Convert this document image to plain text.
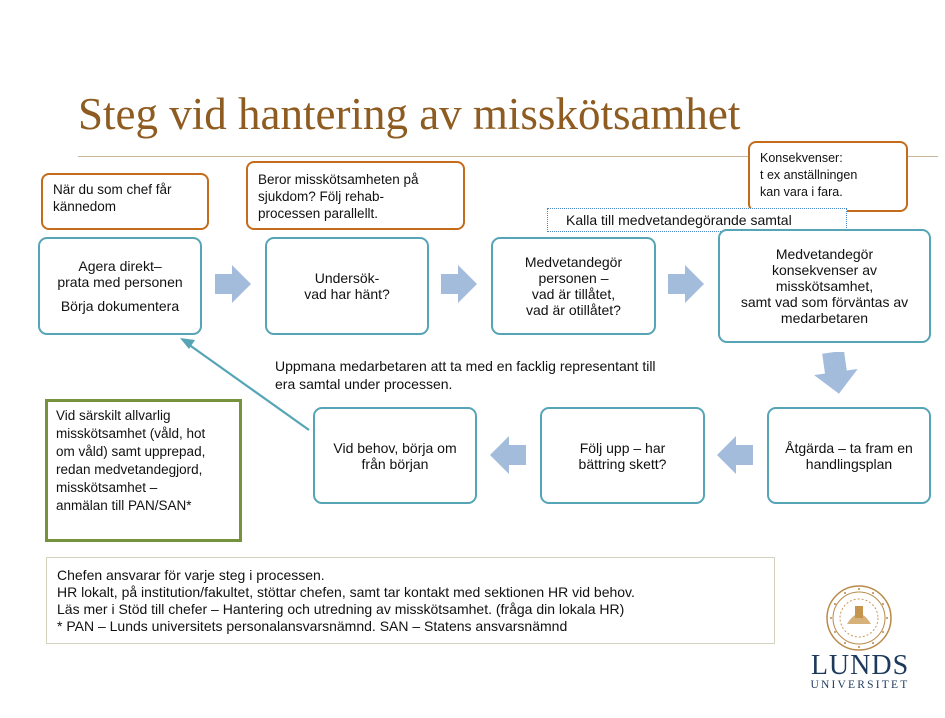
Steg vid hantering av misskötsamhet
När du som chef får
kännedom
Beror misskötsamheten på
sjukdom? Följ rehab-
processen parallellt.
Konsekvenser:
t ex anställningen
kan vara i fara.
Kalla till medvetandegörande samtal
Agera direkt–
prata med personen
Börja dokumentera
Undersök-
vad har hänt?
Medvetandegör
personen –
vad är tillåtet,
vad är otillåtet?
Medvetandegör
konsekvenser av
misskötsamhet,
samt vad som förväntas av
medarbetaren
Åtgärda – ta fram en
handlingsplan
Följ upp – har
bättring skett?
Vid behov, börja om
från början
Uppmana medarbetaren att ta med en facklig representant till
era samtal under processen.
Vid särskilt allvarlig
misskötsamhet (våld, hot
om våld) samt upprepad,
redan medvetandegjord,
misskötsamhet –
anmälan till PAN/SAN*
Chefen ansvarar för varje steg i processen.
HR lokalt, på institution/fakultet, stöttar chefen, samt tar kontakt med sektionen HR vid behov.
Läs mer i Stöd till chefer – Hantering och utredning av misskötsamhet. (fråga din lokala HR)
* PAN – Lunds universitets personalansvarsnämnd. SAN – Statens ansvarsnämnd
LUNDS
UNIVERSITET
